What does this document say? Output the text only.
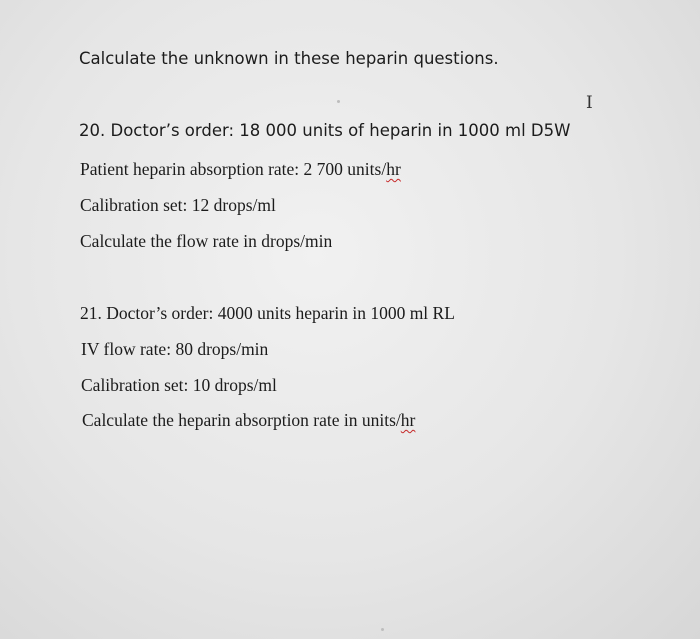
Calculate the unknown in these heparin questions.
I
20. Doctor’s order: 18 000 units of heparin in 1000 ml D5W
Patient heparin absorption rate: 2 700 units/hr
Calibration set: 12 drops/ml
Calculate the flow rate in drops/min
21. Doctor’s order: 4000 units heparin in 1000 ml RL
IV flow rate: 80 drops/min
Calibration set: 10 drops/ml
Calculate the heparin absorption rate in units/hr
